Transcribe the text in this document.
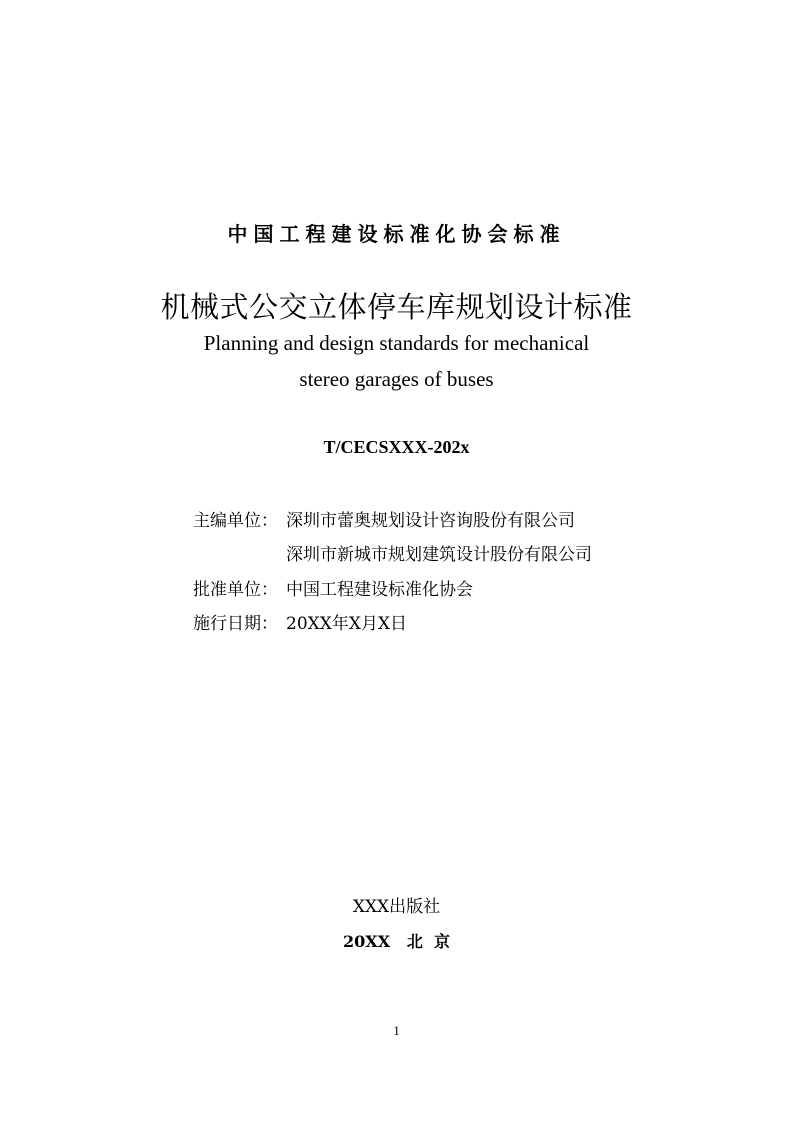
中国工程建设标准化协会标准
机械式公交立体停车库规划设计标准
Planning and design standards for mechanical
stereo garages of buses
T/CECSXXX-202x
主编单位： 深圳市蕾奥规划设计咨询股份有限公司
深圳市新城市规划建筑设计股份有限公司
批准单位： 中国工程建设标准化协会
施行日期： 20XX年X月X日
XXX出版社
20XX   北  京
1
